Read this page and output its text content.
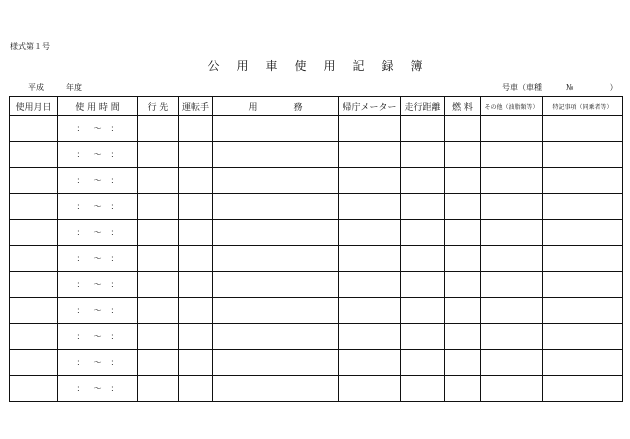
様式第１号
公用車使用記録簿
平成	年度	号車（車種	№	）
使用月日	使 用 時 間	行 先	運転手	用　　　　務	帰庁メーター	走行距離	燃 料	その他（油脂類等）	特記事項（同乗者等）
	： ～ ：								
	： ～ ：								
	： ～ ：								
	： ～ ：								
	： ～ ：								
	： ～ ：								
	： ～ ：								
	： ～ ：								
	： ～ ：								
	： ～ ：								
	： ～ ：								
